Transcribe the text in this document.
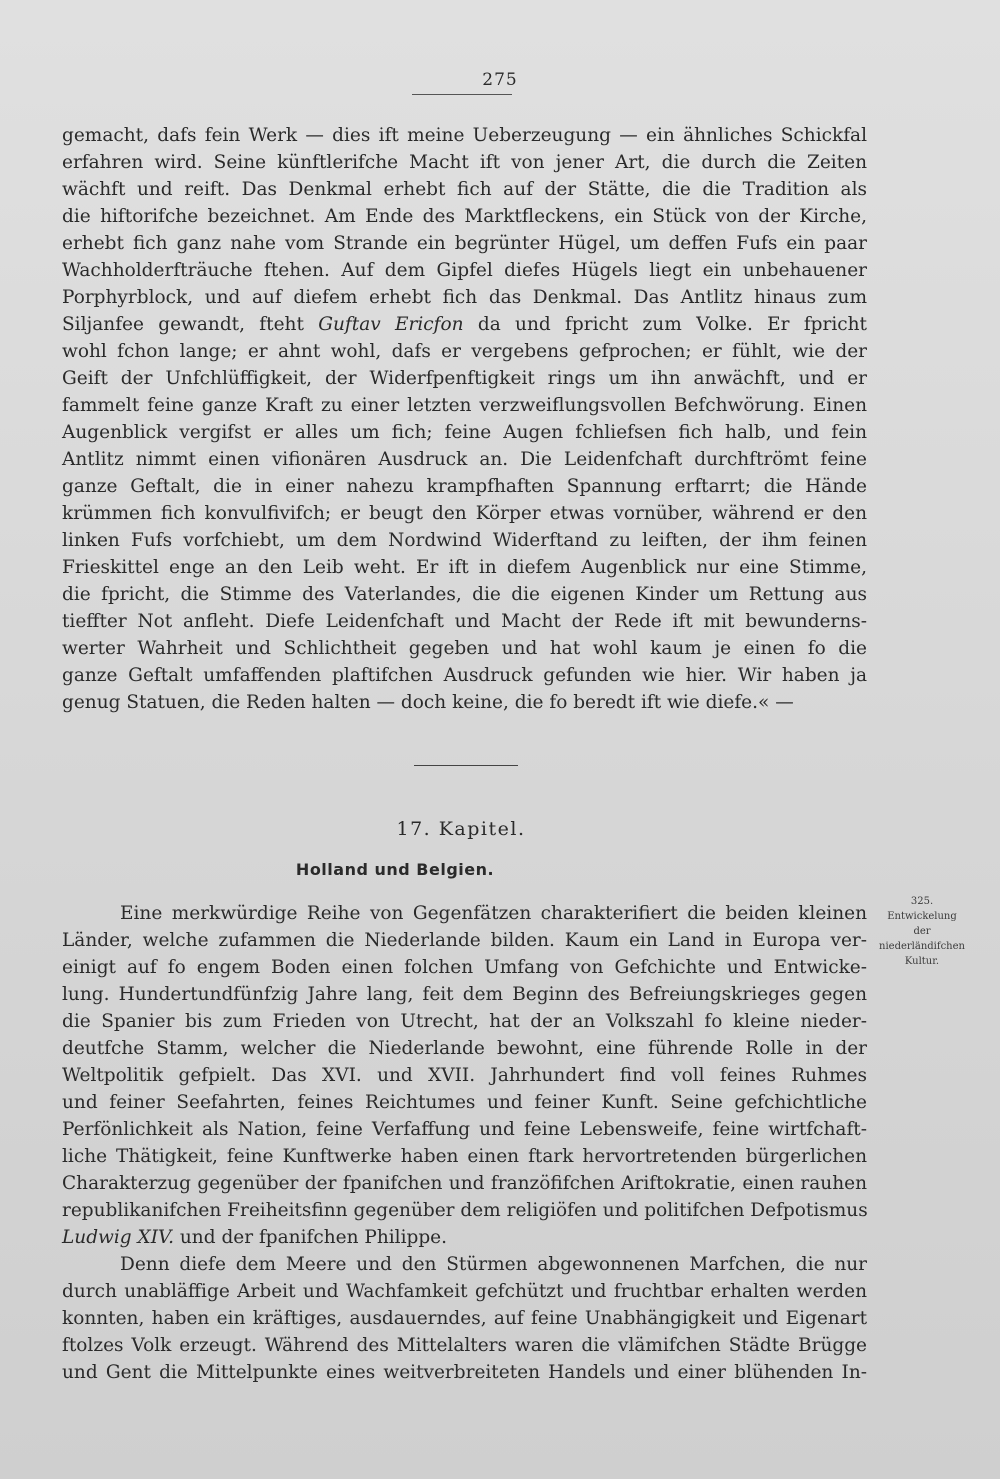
275
gemacht, dafs fein Werk — dies ift meine Ueberzeugung — ein ähnliches Schickfal
erfahren wird. Seine künftlerifche Macht ift von jener Art, die durch die Zeiten
wächft und reift. Das Denkmal erhebt fich auf der Stätte, die die Tradition als
die hiftorifche bezeichnet. Am Ende des Marktfleckens, ein Stück von der Kirche,
erhebt fich ganz nahe vom Strande ein begrünter Hügel, um deffen Fufs ein paar
Wachholderfträuche ftehen. Auf dem Gipfel diefes Hügels liegt ein unbehauener
Porphyrblock, und auf diefem erhebt fich das Denkmal. Das Antlitz hinaus zum
Siljanfee gewandt, fteht Guftav Ericfon da und fpricht zum Volke. Er fpricht
wohl fchon lange; er ahnt wohl, dafs er vergebens gefprochen; er fühlt, wie der
Geift der Unfchlüffigkeit, der Widerfpenftigkeit rings um ihn anwächft, und er
fammelt feine ganze Kraft zu einer letzten verzweiflungsvollen Befchwörung. Einen
Augenblick vergifst er alles um fich; feine Augen fchliefsen fich halb, und fein
Antlitz nimmt einen vifionären Ausdruck an. Die Leidenfchaft durchftrömt feine
ganze Geftalt, die in einer nahezu krampfhaften Spannung erftarrt; die Hände
krümmen fich konvulfivifch; er beugt den Körper etwas vornüber, während er den
linken Fufs vorfchiebt, um dem Nordwind Widerftand zu leiften, der ihm feinen
Frieskittel enge an den Leib weht. Er ift in diefem Augenblick nur eine Stimme,
die fpricht, die Stimme des Vaterlandes, die die eigenen Kinder um Rettung aus
tieffter Not anfleht. Diefe Leidenfchaft und Macht der Rede ift mit bewunderns-
werter Wahrheit und Schlichtheit gegeben und hat wohl kaum je einen fo die
ganze Geftalt umfaffenden plaftifchen Ausdruck gefunden wie hier. Wir haben ja
genug Statuen, die Reden halten — doch keine, die fo beredt ift wie diefe.« —
17. Kapitel.
Holland und Belgien.
325.
Entwickelung
der
niederländifchen
Kultur.
Eine merkwürdige Reihe von Gegenfätzen charakterifiert die beiden kleinen
Länder, welche zufammen die Niederlande bilden. Kaum ein Land in Europa ver-
einigt auf fo engem Boden einen folchen Umfang von Gefchichte und Entwicke-
lung. Hundertundfünfzig Jahre lang, feit dem Beginn des Befreiungskrieges gegen
die Spanier bis zum Frieden von Utrecht, hat der an Volkszahl fo kleine nieder-
deutfche Stamm, welcher die Niederlande bewohnt, eine führende Rolle in der
Weltpolitik gefpielt. Das XVI. und XVII. Jahrhundert find voll feines Ruhmes
und feiner Seefahrten, feines Reichtumes und feiner Kunft. Seine gefchichtliche
Perfönlichkeit als Nation, feine Verfaffung und feine Lebensweife, feine wirtfchaft-
liche Thätigkeit, feine Kunftwerke haben einen ftark hervortretenden bürgerlichen
Charakterzug gegenüber der fpanifchen und franzöfifchen Ariftokratie, einen rauhen
republikanifchen Freiheitsfinn gegenüber dem religiöfen und politifchen Defpotismus
Ludwig XIV. und der fpanifchen Philippe.
Denn diefe dem Meere und den Stürmen abgewonnenen Marfchen, die nur
durch unabläffige Arbeit und Wachfamkeit gefchützt und fruchtbar erhalten werden
konnten, haben ein kräftiges, ausdauerndes, auf feine Unabhängigkeit und Eigenart
ftolzes Volk erzeugt. Während des Mittelalters waren die vlämifchen Städte Brügge
und Gent die Mittelpunkte eines weitverbreiteten Handels und einer blühenden In-
